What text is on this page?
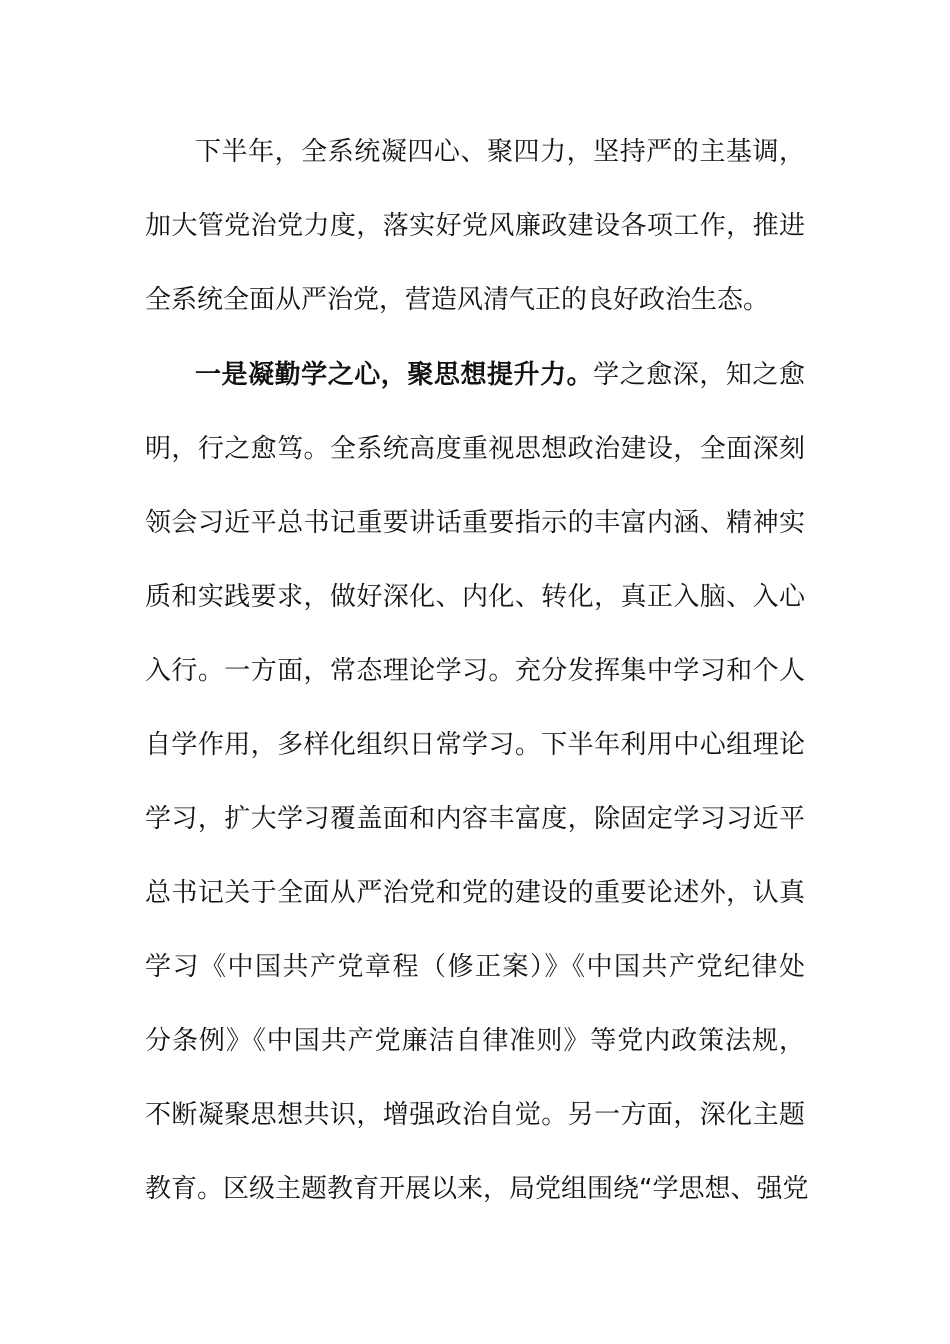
下半年，全系统凝四心、聚四力，坚持严的主基调，
加大管党治党力度，落实好党风廉政建设各项工作，推进
全系统全面从严治党，营造风清气正的良好政治生态。
一是凝勤学之心，聚思想提升力。学之愈深，知之愈
明，行之愈笃。全系统高度重视思想政治建设，全面深刻
领会习近平总书记重要讲话重要指示的丰富内涵、精神实
质和实践要求，做好深化、内化、转化，真正入脑、入心
入行。一方面，常态理论学习。充分发挥集中学习和个人
自学作用，多样化组织日常学习。下半年利用中心组理论
学习，扩大学习覆盖面和内容丰富度，除固定学习习近平
总书记关于全面从严治党和党的建设的重要论述外，认真
学习《中国共产党章程（修正案）》《中国共产党纪律处
分条例》《中国共产党廉洁自律准则》等党内政策法规，
不断凝聚思想共识，增强政治自觉。另一方面，深化主题
教育。区级主题教育开展以来，局党组围绕“学思想、强党
